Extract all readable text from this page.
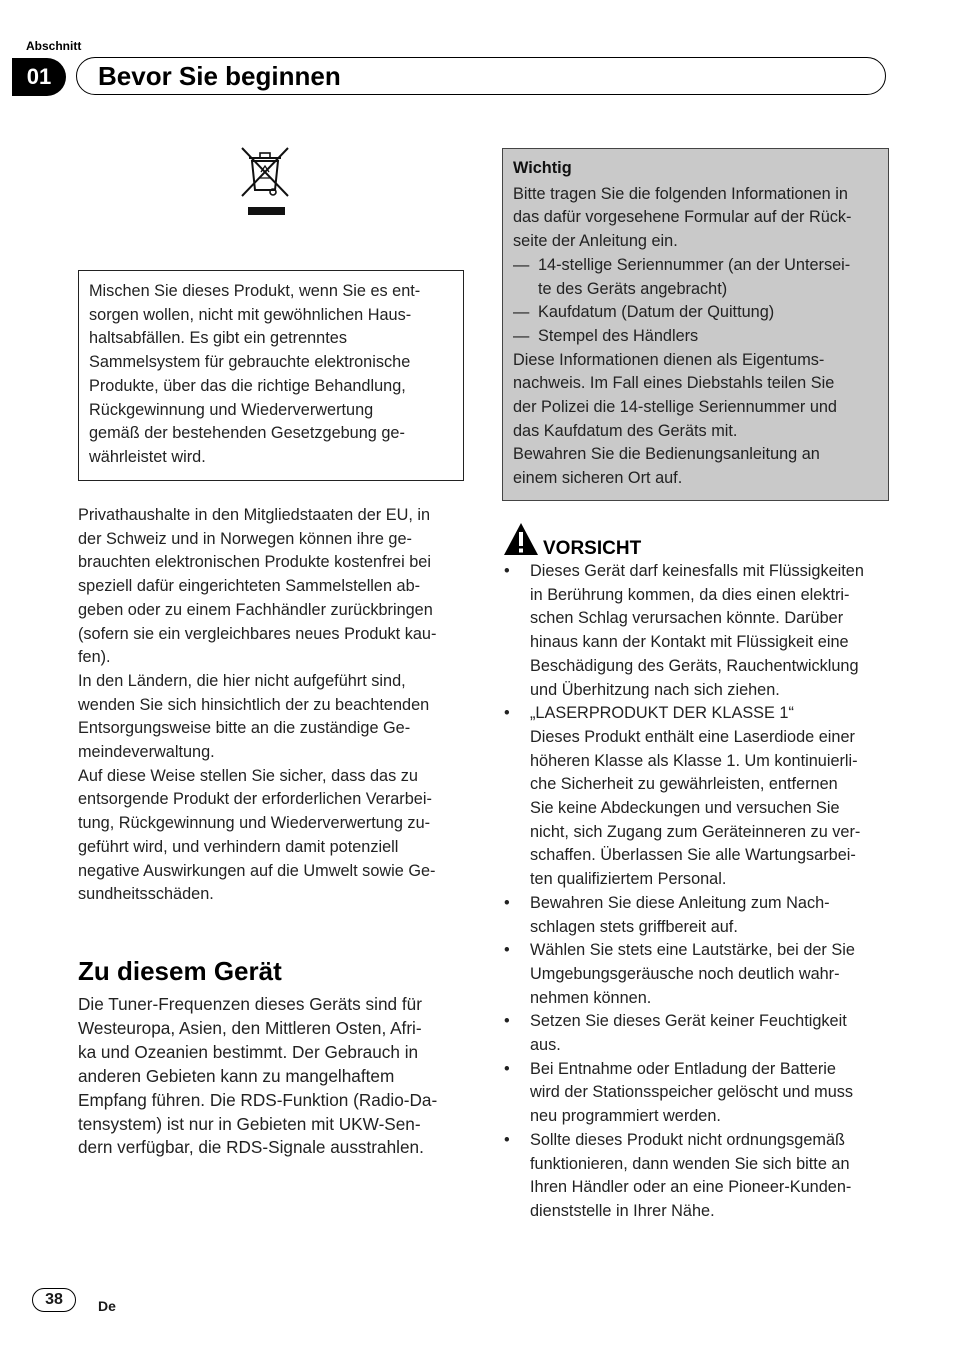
Abschnitt
01	Bevor Sie beginnen

Mischen Sie dieses Produkt, wenn Sie es ent-

sorgen wollen, nicht mit gewöhnlichen Haus-

haltsabfällen. Es gibt ein getrenntes

Sammelsystem für gebrauchte elektronische

Produkte, über das die richtige Behandlung,

Rückgewinnung und Wiederverwertung

gemäß der bestehenden Gesetzgebung ge-

währleistet wird.

Privathaushalte in den Mitgliedstaaten der EU, in

der Schweiz und in Norwegen können ihre ge-

brauchten elektronischen Produkte kostenfrei bei

speziell dafür eingerichteten Sammelstellen ab-

geben oder zu einem Fachhändler zurückbringen

(sofern sie ein vergleichbares neues Produkt kau-

fen).

In den Ländern, die hier nicht aufgeführt sind,

wenden Sie sich hinsichtlich der zu beachtenden

Entsorgungsweise bitte an die zuständige Ge-

meindeverwaltung.

Auf diese Weise stellen Sie sicher, dass das zu

entsorgende Produkt der erforderlichen Verarbei-

tung, Rückgewinnung und Wiederverwertung zu-

geführt wird, und verhindern damit potenziell

negative Auswirkungen auf die Umwelt sowie Ge-

sundheitsschäden.

Zu diesem Gerät

Die Tuner-Frequenzen dieses Geräts sind für

Westeuropa, Asien, den Mittleren Osten, Afri-

ka und Ozeanien bestimmt. Der Gebrauch in

anderen Gebieten kann zu mangelhaftem

Empfang führen. Die RDS-Funktion (Radio-Da-

tensystem) ist nur in Gebieten mit UKW-Sen-

dern verfügbar, die RDS-Signale ausstrahlen.

Wichtig

Bitte tragen Sie die folgenden Informationen in

das dafür vorgesehene Formular auf der Rück-

seite der Anleitung ein.

— 14-stellige Seriennummer (an der Untersei-
te des Geräts angebracht)
— Kaufdatum (Datum der Quittung)
— Stempel des Händlers

Diese Informationen dienen als Eigentums-

nachweis. Im Fall eines Diebstahls teilen Sie

der Polizei die 14-stellige Seriennummer und

das Kaufdatum des Geräts mit.

Bewahren Sie die Bedienungsanleitung an

einem sicheren Ort auf.

VORSICHT
•	Dieses Gerät darf keinesfalls mit Flüssigkeiten
in Berührung kommen, da dies einen elektri-
schen Schlag verursachen könnte. Darüber
hinaus kann der Kontakt mit Flüssigkeit eine
Beschädigung des Geräts, Rauchentwicklung
und Überhitzung nach sich ziehen.
•	„LASERPRODUKT DER KLASSE 1“
Dieses Produkt enthält eine Laserdiode einer
höheren Klasse als Klasse 1. Um kontinuierli-
che Sicherheit zu gewährleisten, entfernen
Sie keine Abdeckungen und versuchen Sie
nicht, sich Zugang zum Geräteinneren zu ver-
schaffen. Überlassen Sie alle Wartungsarbei-
ten qualifiziertem Personal.
•	Bewahren Sie diese Anleitung zum Nach-
schlagen stets griffbereit auf.
•	Wählen Sie stets eine Lautstärke, bei der Sie
Umgebungsgeräusche noch deutlich wahr-
nehmen können.
•	Setzen Sie dieses Gerät keiner Feuchtigkeit
aus.
•	Bei Entnahme oder Entladung der Batterie
wird der Stationsspeicher gelöscht und muss
neu programmiert werden.
•	Sollte dieses Produkt nicht ordnungsgemäß
funktionieren, dann wenden Sie sich bitte an
Ihren Händler oder an eine Pioneer-Kunden-
dienststelle in Ihrer Nähe.
38	De
